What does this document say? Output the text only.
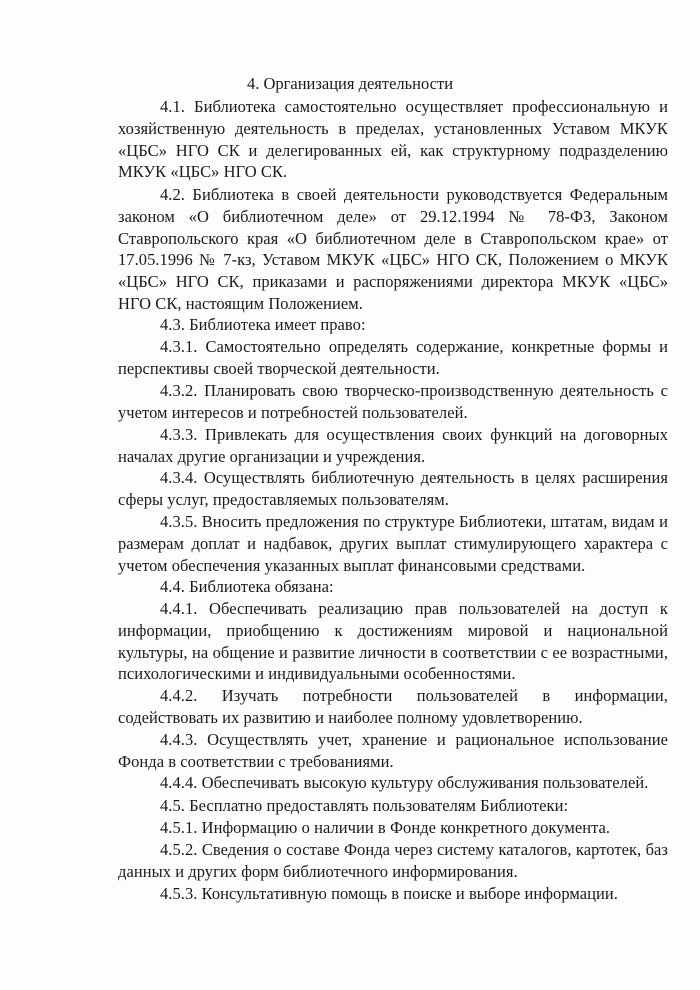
4. Организация деятельности
4.1. Библиотека самостоятельно осуществляет профессиональную и хозяйственную деятельность в пределах, установленных Уставом МКУК «ЦБС» НГО СК и делегированных ей, как структурному подразделению МКУК «ЦБС» НГО СК.
4.2. Библиотека в своей деятельности руководствуется Федеральным законом «О библиотечном деле» от 29.12.1994 № 78-ФЗ, Законом Ставропольского края «О библиотечном деле в Ставропольском крае» от 17.05.1996 № 7-кз, Уставом МКУК «ЦБС» НГО СК, Положением о МКУК «ЦБС» НГО СК, приказами и распоряжениями директора МКУК «ЦБС» НГО СК, настоящим Положением.
4.3. Библиотека имеет право:
4.3.1. Самостоятельно определять содержание, конкретные формы и перспективы своей творческой деятельности.
4.3.2. Планировать свою творческо-производственную деятельность с учетом интересов и потребностей пользователей.
4.3.3. Привлекать для осуществления своих функций на договорных началах другие организации и учреждения.
4.3.4. Осуществлять библиотечную деятельность в целях расширения сферы услуг, предоставляемых пользователям.
4.3.5. Вносить предложения по структуре Библиотеки, штатам, видам и размерам доплат и надбавок, других выплат стимулирующего характера с учетом обеспечения указанных выплат финансовыми средствами.
4.4. Библиотека обязана:
4.4.1. Обеспечивать реализацию прав пользователей на доступ к информации, приобщению к достижениям мировой и национальной культуры, на общение и развитие личности в соответствии с ее возрастными, психологическими и индивидуальными особенностями.
4.4.2. Изучать потребности пользователей в информации, содействовать их развитию и наиболее полному удовлетворению.
4.4.3. Осуществлять учет, хранение и рациональное использование Фонда в соответствии с требованиями.
4.4.4. Обеспечивать высокую культуру обслуживания пользователей.
4.5. Бесплатно предоставлять пользователям Библиотеки:
4.5.1. Информацию о наличии в Фонде конкретного документа.
4.5.2. Сведения о составе Фонда через систему каталогов, картотек, баз данных и других форм библиотечного информирования.
4.5.3. Консультативную помощь в поиске и выборе информации.
